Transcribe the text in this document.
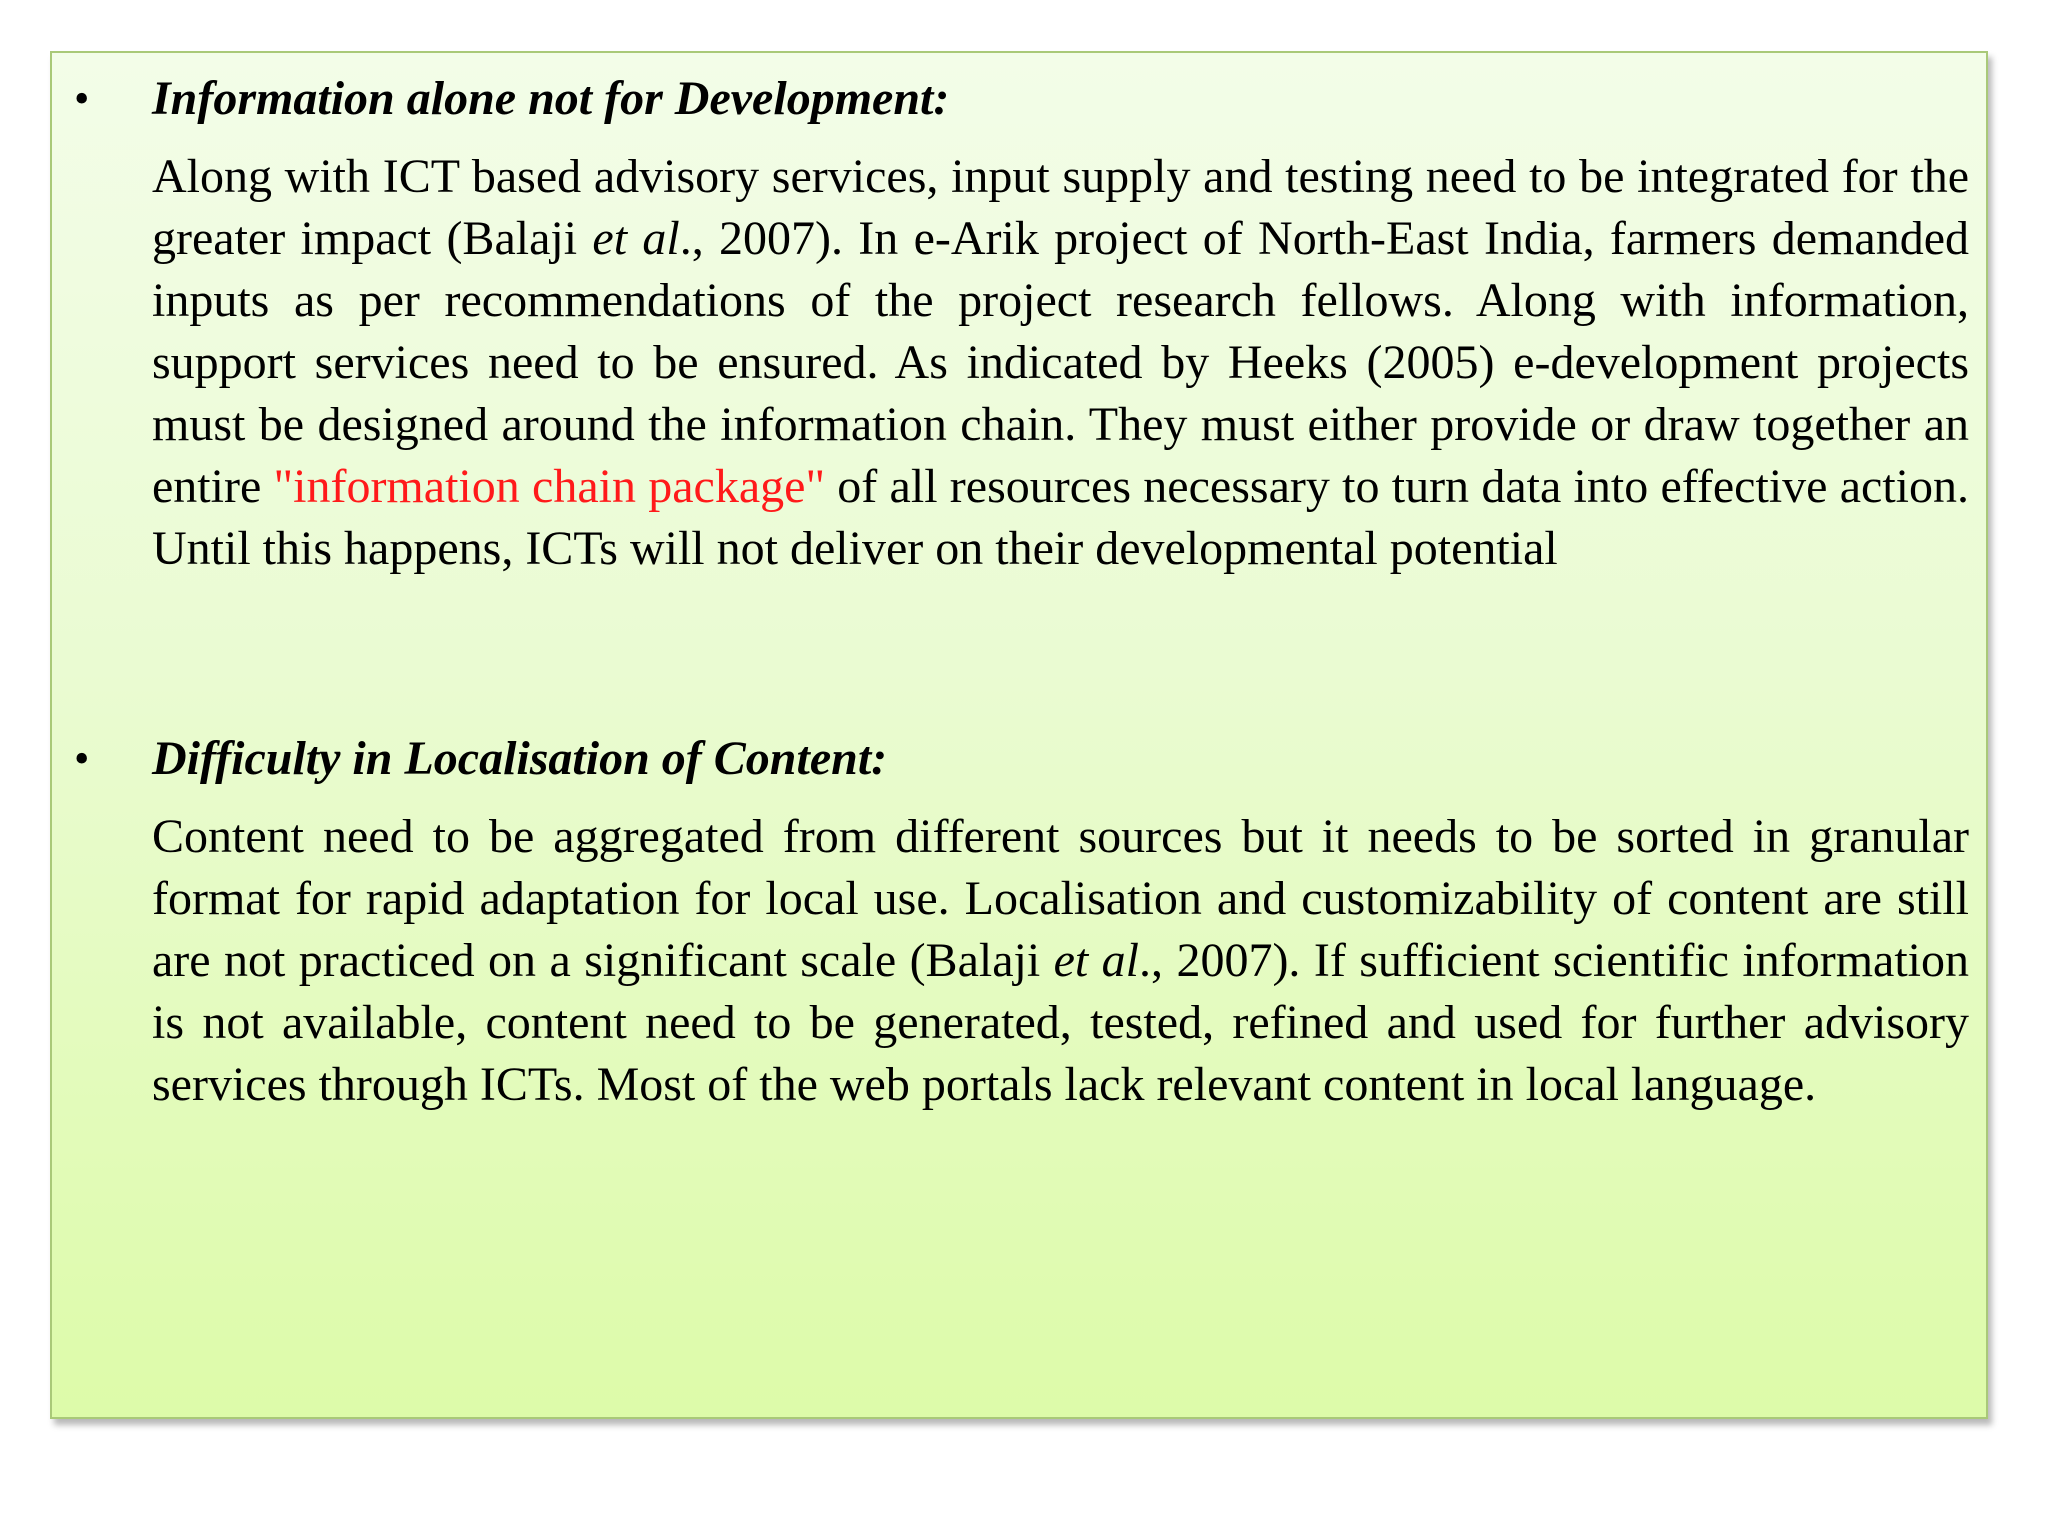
• Information alone not for Development:

Along with ICT based advisory services, input supply and testing need to be integrated for the greater impact (Balaji et al., 2007). In e-Arik project of North-East India, farmers demanded inputs as per recommendations of the project research fellows. Along with information, support services need to be ensured. As indicated by Heeks (2005) e-development projects must be designed around the information chain. They must either provide or draw together an entire "information chain package" of all resources necessary to turn data into effective action. Until this happens, ICTs will not deliver on their developmental potential

• Difficulty in Localisation of Content:

Content need to be aggregated from different sources but it needs to be sorted in granular format for rapid adaptation for local use. Localisation and customizability of content are still are not practiced on a significant scale (Balaji et al., 2007). If sufficient scientific information is not available, content need to be generated, tested, refined and used for further advisory services through ICTs. Most of the web portals lack relevant content in local language.
